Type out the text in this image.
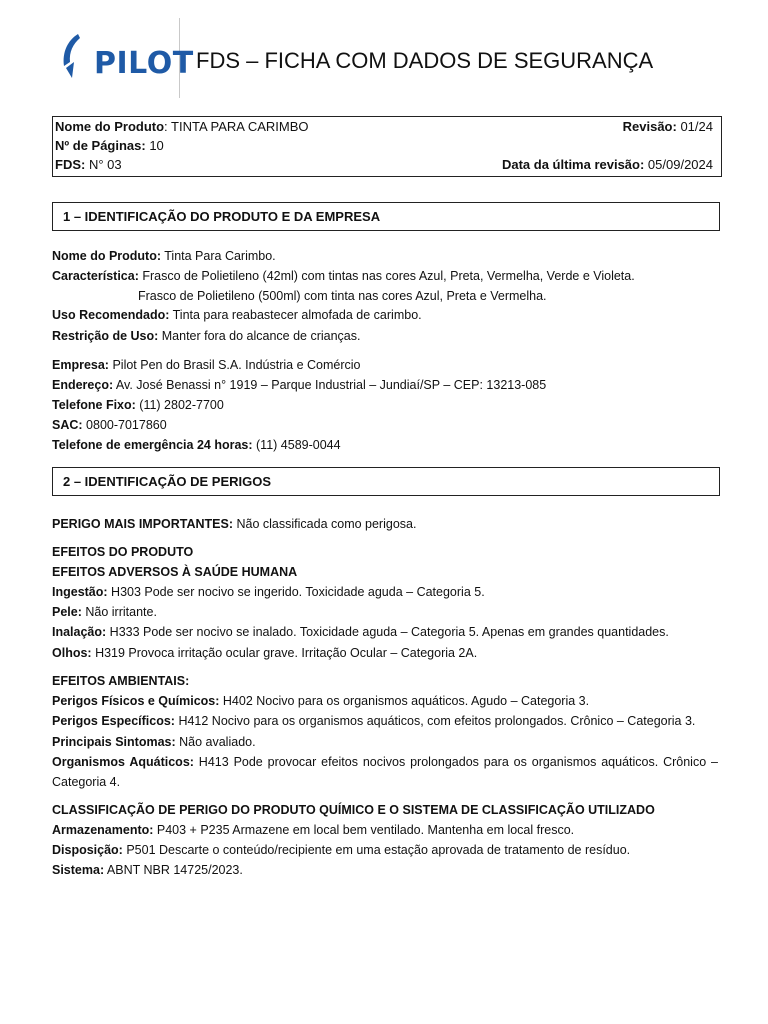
PILOT FDS – FICHA COM DADOS DE SEGURANÇA
Nome do Produto: TINTA PARA CARIMBO	Revisão: 01/24
Nº de Páginas: 10
FDS: N° 03	Data da última revisão: 05/09/2024
1 – IDENTIFICAÇÃO DO PRODUTO E DA EMPRESA
Nome do Produto: Tinta Para Carimbo.
Característica: Frasco de Polietileno (42ml) com tintas nas cores Azul, Preta, Vermelha, Verde e Violeta.
Frasco de Polietileno (500ml) com tinta nas cores Azul, Preta e Vermelha.
Uso Recomendado: Tinta para reabastecer almofada de carimbo.
Restrição de Uso: Manter fora do alcance de crianças.
Empresa: Pilot Pen do Brasil S.A. Indústria e Comércio
Endereço: Av. José Benassi n° 1919 – Parque Industrial – Jundiaí/SP – CEP: 13213-085
Telefone Fixo: (11) 2802-7700
SAC: 0800-7017860
Telefone de emergência 24 horas: (11) 4589-0044
2 – IDENTIFICAÇÃO DE PERIGOS
PERIGO MAIS IMPORTANTES: Não classificada como perigosa.
EFEITOS DO PRODUTO
EFEITOS ADVERSOS À SAÚDE HUMANA
Ingestão: H303 Pode ser nocivo se ingerido. Toxicidade aguda – Categoria 5.
Pele: Não irritante.
Inalação: H333 Pode ser nocivo se inalado. Toxicidade aguda – Categoria 5. Apenas em grandes quantidades.
Olhos: H319 Provoca irritação ocular grave. Irritação Ocular – Categoria 2A.
EFEITOS AMBIENTAIS:
Perigos Físicos e Químicos: H402 Nocivo para os organismos aquáticos. Agudo – Categoria 3.
Perigos Específicos: H412 Nocivo para os organismos aquáticos, com efeitos prolongados. Crônico – Categoria 3.
Principais Sintomas: Não avaliado.
Organismos Aquáticos: H413 Pode provocar efeitos nocivos prolongados para os organismos aquáticos. Crônico – Categoria 4.
CLASSIFICAÇÃO DE PERIGO DO PRODUTO QUÍMICO E O SISTEMA DE CLASSIFICAÇÃO UTILIZADO
Armazenamento: P403 + P235 Armazene em local bem ventilado. Mantenha em local fresco.
Disposição: P501 Descarte o conteúdo/recipiente em uma estação aprovada de tratamento de resíduo.
Sistema: ABNT NBR 14725/2023.
